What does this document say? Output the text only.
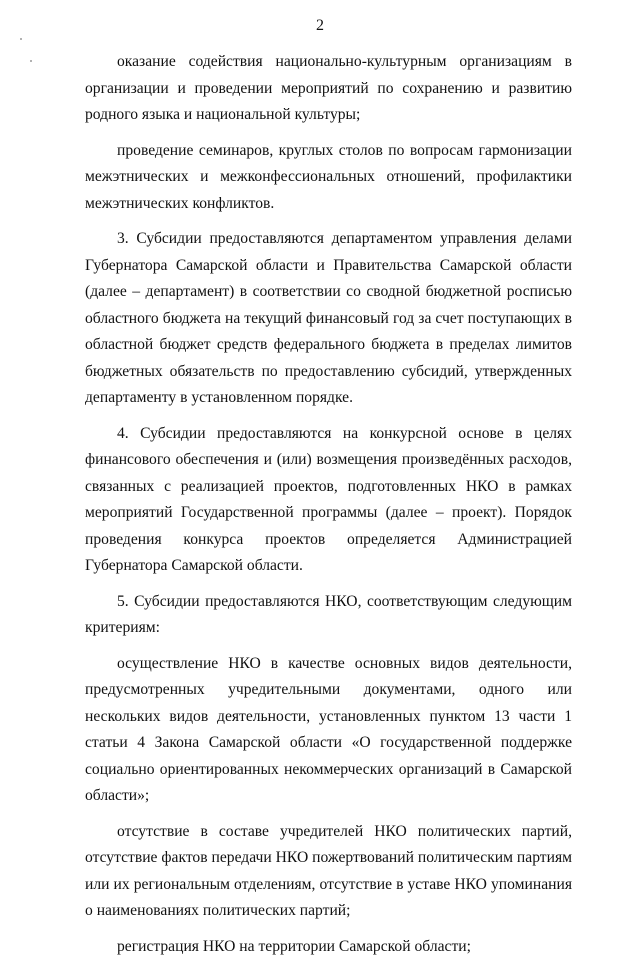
2

оказание содействия национально-культурным организациям в организации и проведении мероприятий по сохранению и развитию родного языка и национальной культуры;

проведение семинаров, круглых столов по вопросам гармонизации межэтнических и межконфессиональных отношений, профилактики межэтнических конфликтов.

3. Субсидии предоставляются департаментом управления делами Губернатора Самарской области и Правительства Самарской области (далее – департамент) в соответствии со сводной бюджетной росписью областного бюджета на текущий финансовый год за счет поступающих в областной бюджет средств федерального бюджета в пределах лимитов бюджетных обязательств по предоставлению субсидий, утвержденных департаменту в установленном порядке.

4. Субсидии предоставляются на конкурсной основе в целях финансового обеспечения и (или) возмещения произведённых расходов, связанных с реализацией проектов, подготовленных НКО в рамках мероприятий Государственной программы (далее – проект). Порядок проведения конкурса проектов определяется Администрацией Губернатора Самарской области.

5. Субсидии предоставляются НКО, соответствующим следующим критериям:

осуществление НКО в качестве основных видов деятельности, предусмотренных учредительными документами, одного или нескольких видов деятельности, установленных пунктом 13 части 1 статьи 4 Закона Самарской области «О государственной поддержке социально ориентированных некоммерческих организаций в Самарской области»;

отсутствие в составе учредителей НКО политических партий, отсутствие фактов передачи НКО пожертвований политическим партиям или их региональным отделениям, отсутствие в уставе НКО упоминания о наименованиях политических партий;

регистрация НКО на территории Самарской области;
